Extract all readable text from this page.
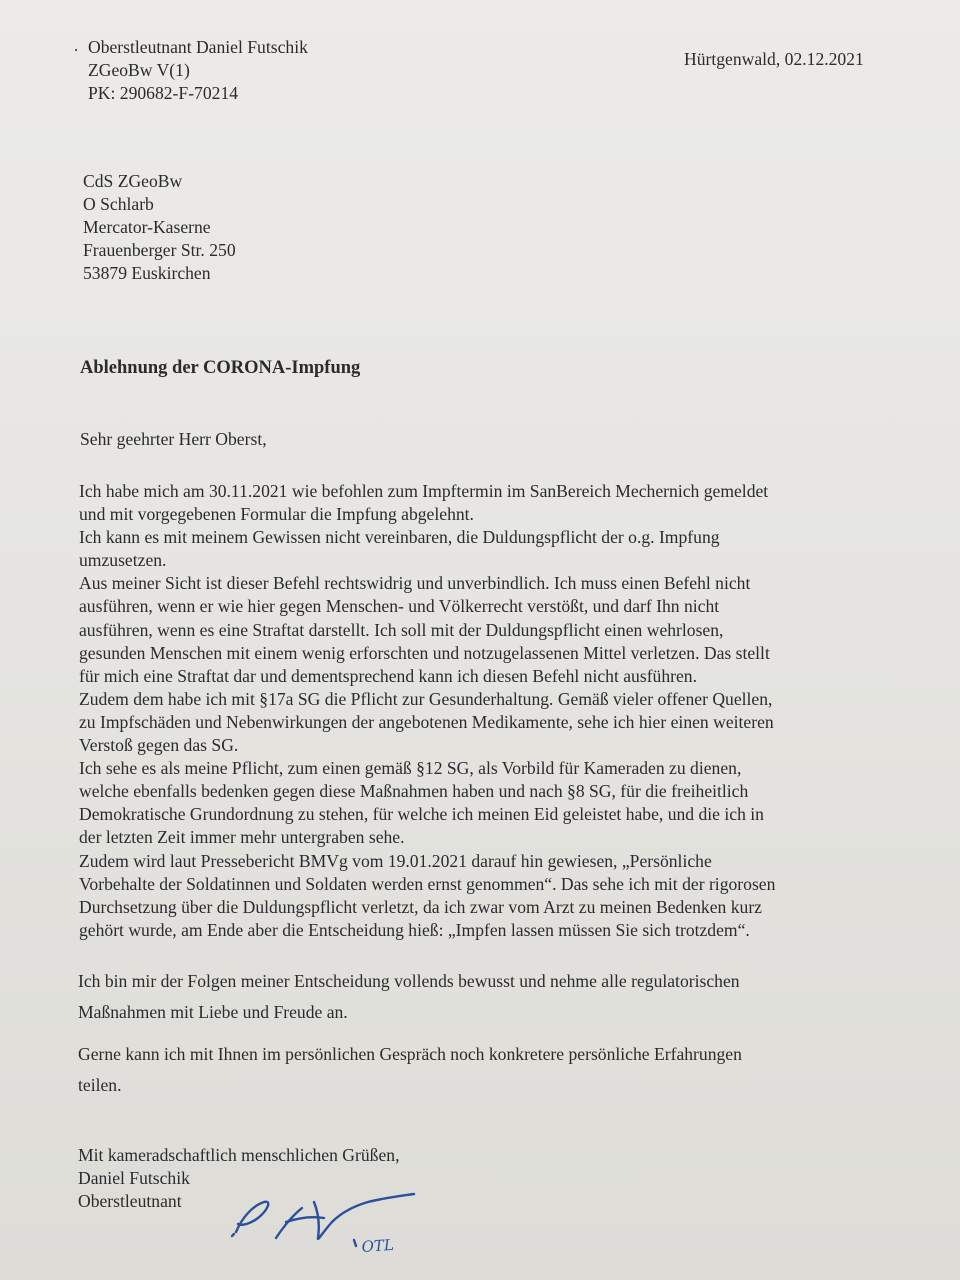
. Oberstleutnant Daniel Futschik
ZGeoBw V(1)
PK: 290682-F-70214
Hürtgenwald, 02.12.2021
CdS ZGeoBw
O Schlarb
Mercator-Kaserne
Frauenberger Str. 250
53879 Euskirchen
Ablehnung der CORONA-Impfung
Sehr geehrter Herr Oberst,
Ich habe mich am 30.11.2021 wie befohlen zum Impftermin im SanBereich Mechernich gemeldet
und mit vorgegebenen Formular die Impfung abgelehnt.
Ich kann es mit meinem Gewissen nicht vereinbaren, die Duldungspflicht der o.g. Impfung
umzusetzen.
Aus meiner Sicht ist dieser Befehl rechtswidrig und unverbindlich. Ich muss einen Befehl nicht
ausführen, wenn er wie hier gegen Menschen- und Völkerrecht verstößt, und darf Ihn nicht
ausführen, wenn es eine Straftat darstellt. Ich soll mit der Duldungspflicht einen wehrlosen,
gesunden Menschen mit einem wenig erforschten und notzugelassenen Mittel verletzen. Das stellt
für mich eine Straftat dar und dementsprechend kann ich diesen Befehl nicht ausführen.
Zudem dem habe ich mit §17a SG die Pflicht zur Gesunderhaltung. Gemäß vieler offener Quellen,
zu Impfschäden und Nebenwirkungen der angebotenen Medikamente, sehe ich hier einen weiteren
Verstoß gegen das SG.
Ich sehe es als meine Pflicht, zum einen gemäß §12 SG, als Vorbild für Kameraden zu dienen,
welche ebenfalls bedenken gegen diese Maßnahmen haben und nach §8 SG, für die freiheitlich
Demokratische Grundordnung zu stehen, für welche ich meinen Eid geleistet habe, und die ich in
der letzten Zeit immer mehr untergraben sehe.
Zudem wird laut Pressebericht BMVg vom 19.01.2021 darauf hin gewiesen, „Persönliche
Vorbehalte der Soldatinnen und Soldaten werden ernst genommen“. Das sehe ich mit der rigorosen
Durchsetzung über die Duldungspflicht verletzt, da ich zwar vom Arzt zu meinen Bedenken kurz
gehört wurde, am Ende aber die Entscheidung hieß: „Impfen lassen müssen Sie sich trotzdem“.
Ich bin mir der Folgen meiner Entscheidung vollends bewusst und nehme alle regulatorischen
Maßnahmen mit Liebe und Freude an.
Gerne kann ich mit Ihnen im persönlichen Gespräch noch konkretere persönliche Erfahrungen
teilen.
Mit kameradschaftlich menschlichen Grüßen,
Daniel Futschik
Oberstleutnant
OTL
